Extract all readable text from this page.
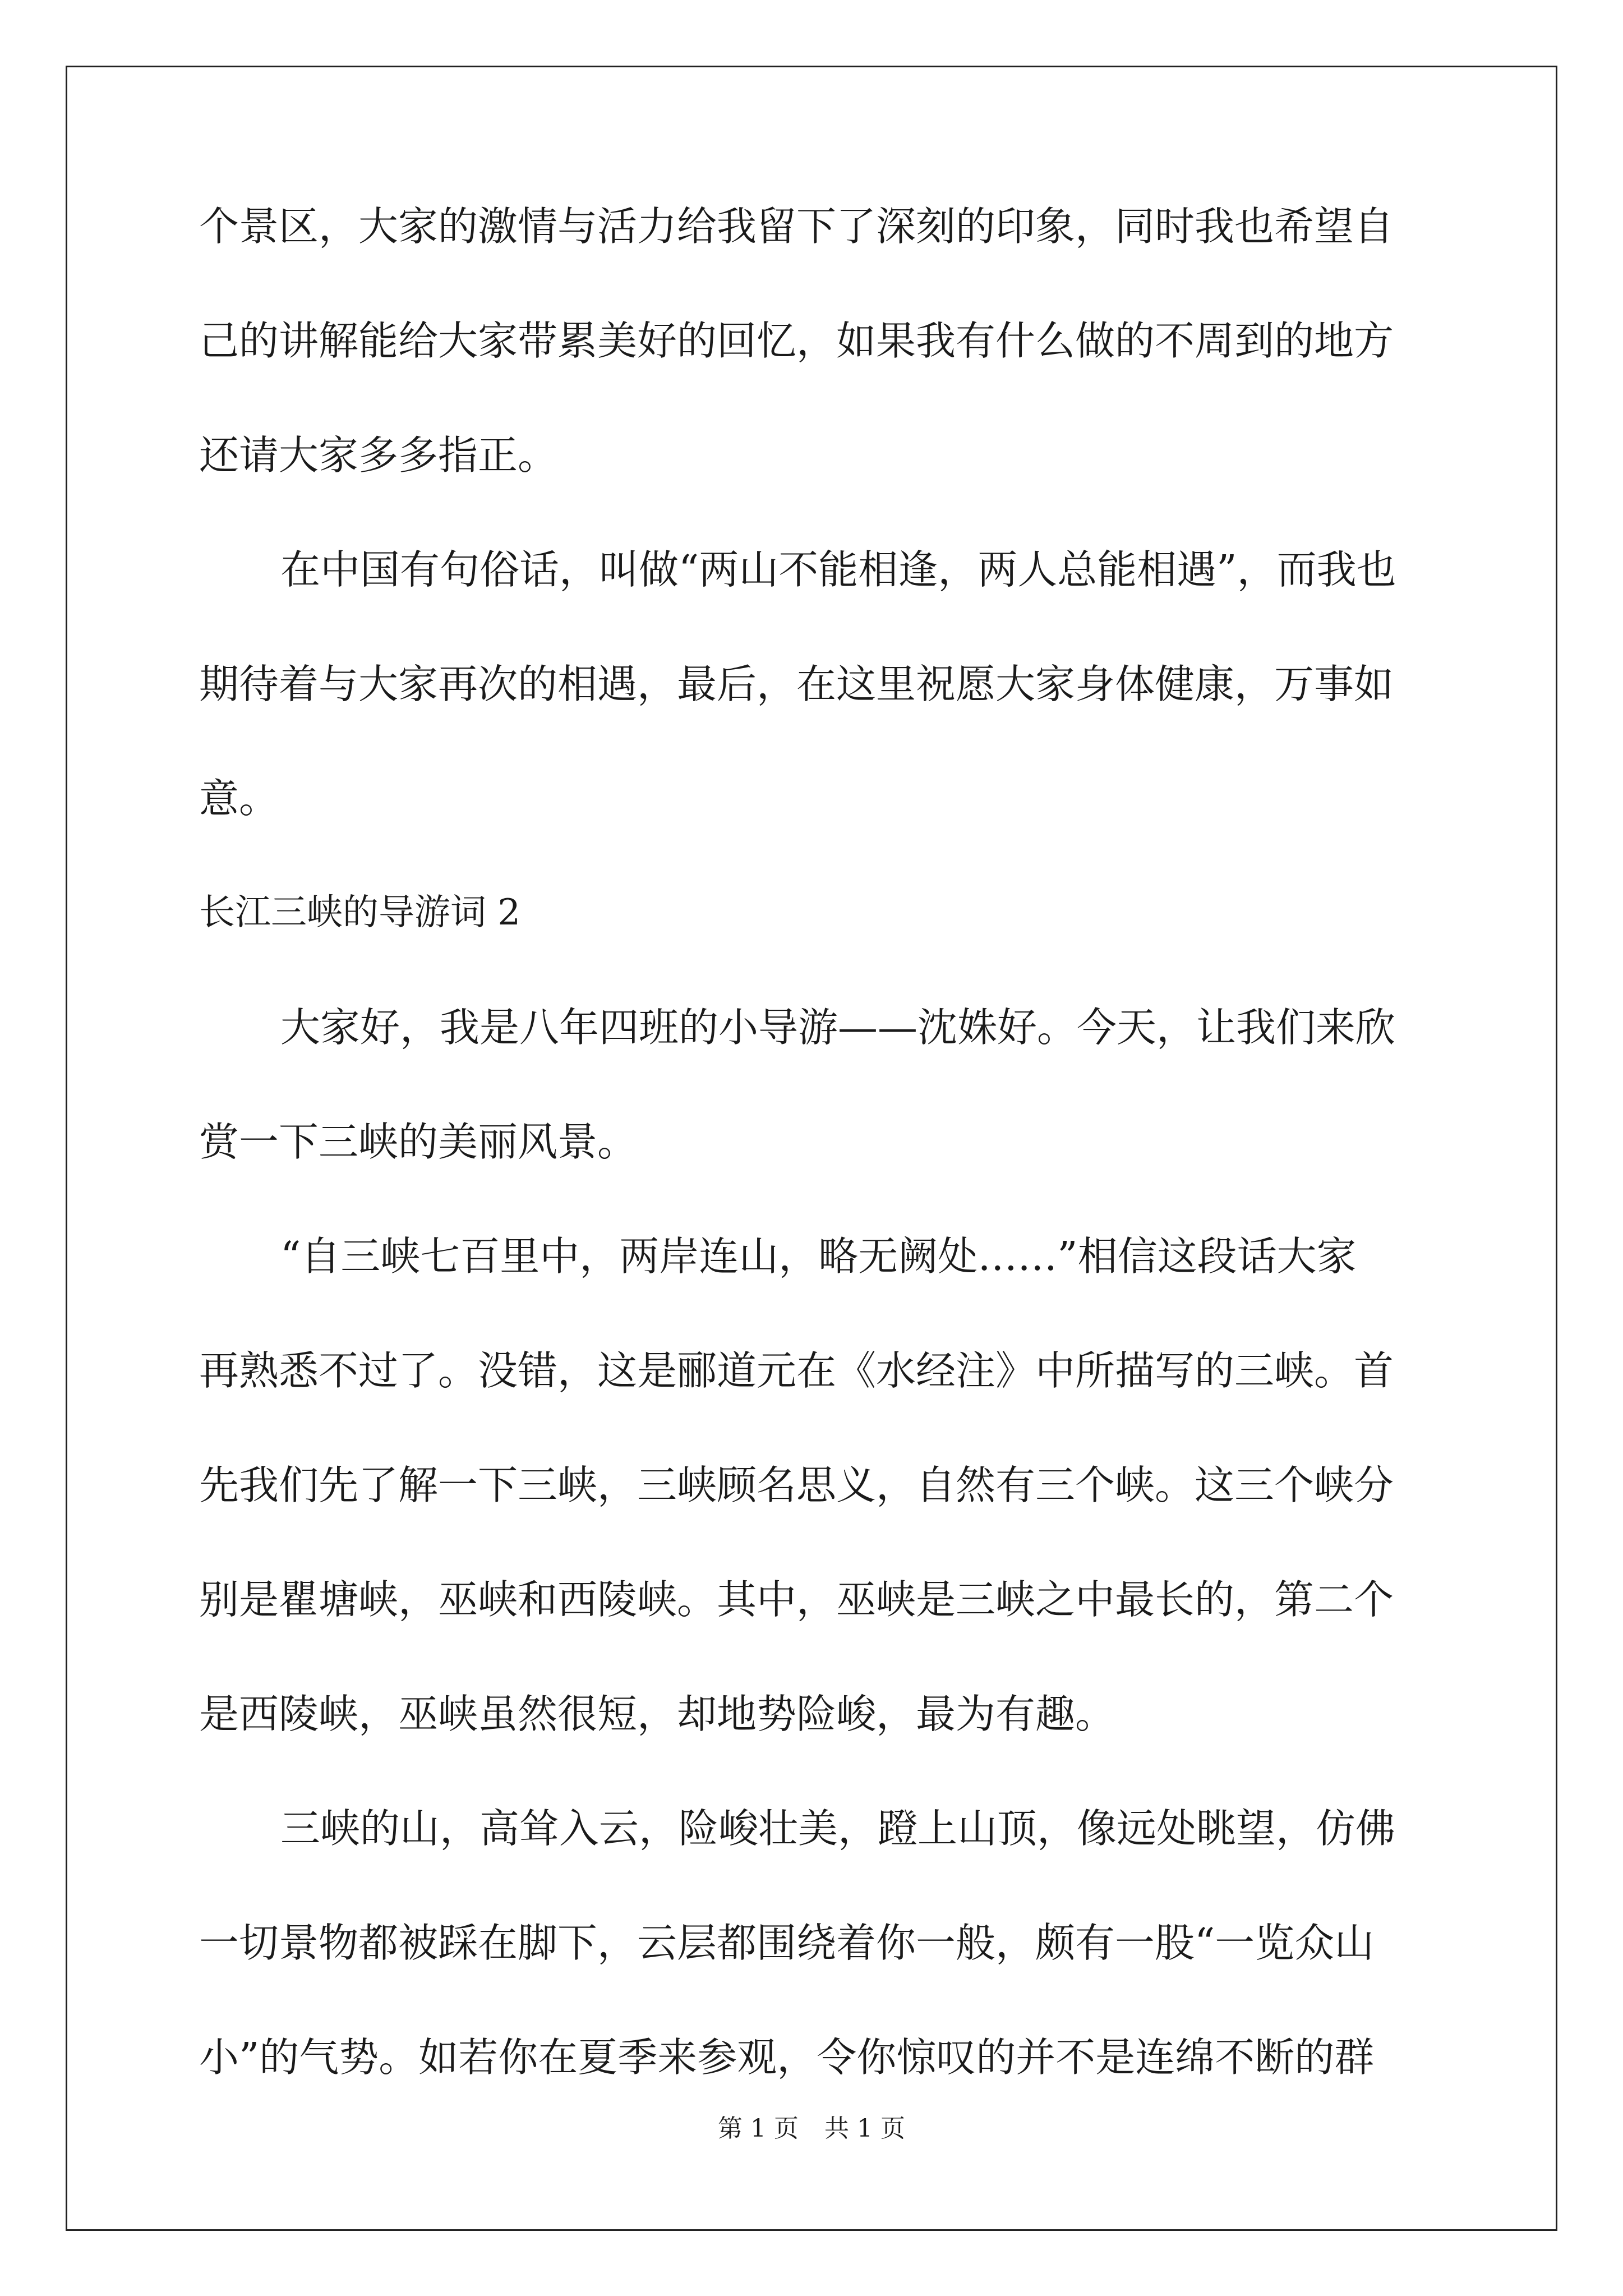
个景区，大家的激情与活力给我留下了深刻的印象，同时我也希望自

己的讲解能给大家带累美好的回忆，如果我有什么做的不周到的地方

还请大家多多指正。

在中国有句俗话，叫做“两山不能相逢，两人总能相遇”，而我也

期待着与大家再次的相遇，最后，在这里祝愿大家身体健康，万事如

意。

长江三峡的导游词 2

大家好，我是八年四班的小导游——沈姝好。今天，让我们来欣

赏一下三峡的美丽风景。

“自三峡七百里中，两岸连山，略无阙处……”相信这段话大家

再熟悉不过了。没错，这是郦道元在《水经注》中所描写的三峡。首

先我们先了解一下三峡，三峡顾名思义，自然有三个峡。这三个峡分

别是瞿塘峡，巫峡和西陵峡。其中，巫峡是三峡之中最长的，第二个

是西陵峡，巫峡虽然很短，却地势险峻，最为有趣。

三峡的山，高耸入云，险峻壮美，蹬上山顶，像远处眺望，仿佛

一切景物都被踩在脚下，云层都围绕着你一般，颇有一股“一览众山

小”的气势。如若你在夏季来参观，令你惊叹的并不是连绵不断的群

第 1 页 共 1 页
